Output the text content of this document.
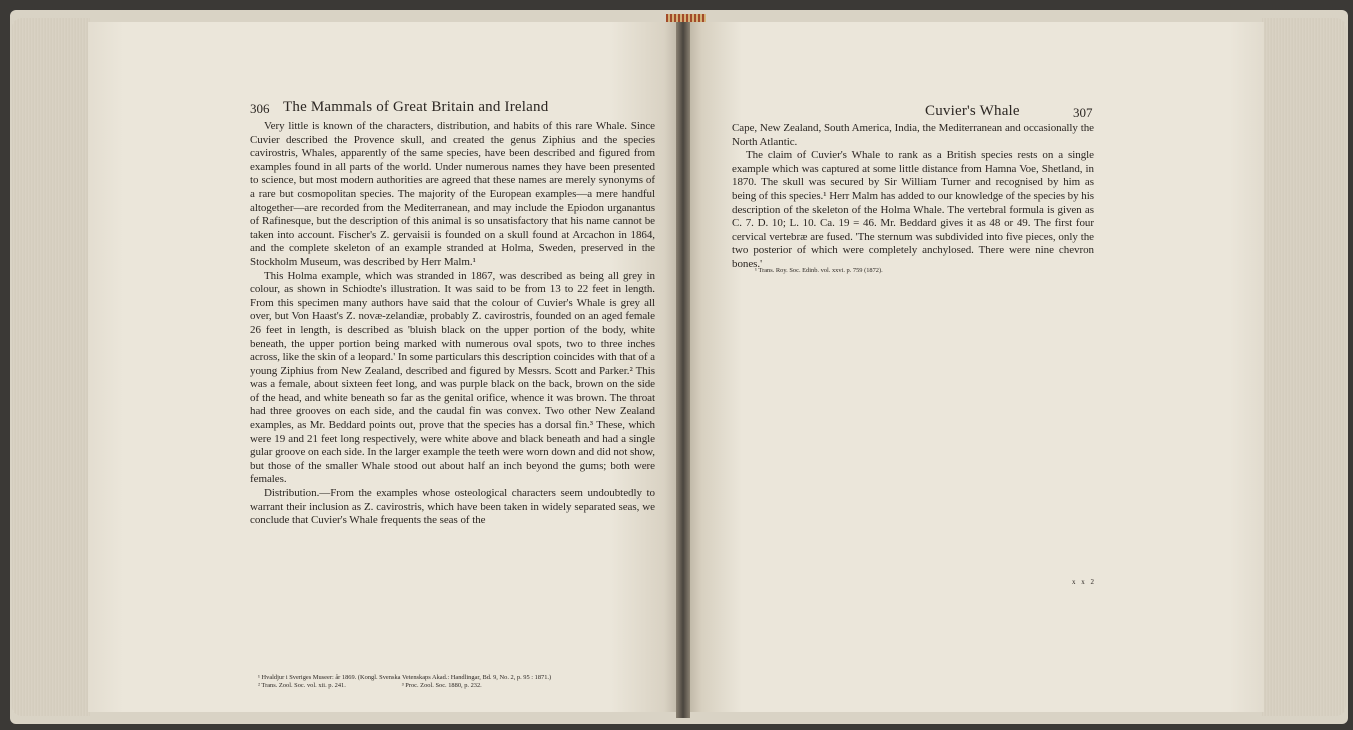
306 The Mammals of Great Britain and Ireland

Very little is known of the characters, distribution, and habits of this rare Whale. Since Cuvier described the Provence skull, and created the genus Ziphius and the species cavirostris, Whales, apparently of the same species, have been described and figured from examples found in all parts of the world. Under numerous names they have been presented to science, but most modern authorities are agreed that these names are merely synonyms of a rare but cosmopolitan species. The majority of the European examples—a mere handful altogether—are recorded from the Mediterranean, and may include the Epiodon urganantus of Rafinesque, but the description of this animal is so unsatisfactory that his name cannot be taken into account. Fischer's Z. gervaisii is founded on a skull found at Arcachon in 1864, and the complete skeleton of an example stranded at Holma, Sweden, preserved in the Stockholm Museum, was described by Herr Malm.¹

This Holma example, which was stranded in 1867, was described as being all grey in colour, as shown in Schiodte's illustration. It was said to be from 13 to 22 feet in length. From this specimen many authors have said that the colour of Cuvier's Whale is grey all over, but Von Haast's Z. novæ-zelandiæ, probably Z. cavirostris, founded on an aged female 26 feet in length, is described as 'bluish black on the upper portion of the body, white beneath, the upper portion being marked with numerous oval spots, two to three inches across, like the skin of a leopard.' In some particulars this description coincides with that of a young Ziphius from New Zealand, described and figured by Messrs. Scott and Parker.² This was a female, about sixteen feet long, and was purple black on the back, brown on the side of the head, and white beneath so far as the genital orifice, whence it was brown. The throat had three grooves on each side, and the caudal fin was convex. Two other New Zealand examples, as Mr. Beddard points out, prove that the species has a dorsal fin.³ These, which were 19 and 21 feet long respectively, were white above and black beneath and had a single gular groove on each side. In the larger example the teeth were worn down and did not show, but those of the smaller Whale stood out about half an inch beyond the gums; both were females.

Distribution.—From the examples whose osteological characters seem undoubtedly to warrant their inclusion as Z. cavirostris, which have been taken in widely separated seas, we conclude that Cuvier's Whale frequents the seas of the

¹ Hvaldjur i Sveriges Museer: år 1869. (Kongl. Svenska Vetenskaps Akad.: Handlingar, Bd. 9, No. 2, p. 95 : 1871.)
² Trans. Zool. Soc. vol. xii. p. 241.                                   ³ Proc. Zool. Soc. 1880, p. 232.
Cuvier's Whale	307

Cape, New Zealand, South America, India, the Mediterranean and occasionally the North Atlantic.

The claim of Cuvier's Whale to rank as a British species rests on a single example which was captured at some little distance from Hamna Voe, Shetland, in 1870. The skull was secured by Sir William Turner and recognised by him as being of this species.¹ Herr Malm has added to our knowledge of the species by his description of the skeleton of the Holma Whale. The vertebral formula is given as C. 7. D. 10; L. 10. Ca. 19 = 46. Mr. Beddard gives it as 48 or 49. The first four cervical vertebræ are fused. 'The sternum was subdivided into five pieces, only the two posterior of which were completely anchylosed. There were nine chevron bones.'

¹ Trans. Roy. Soc. Edinb. vol. xxvi. p. 759 (1872).
x x 2
